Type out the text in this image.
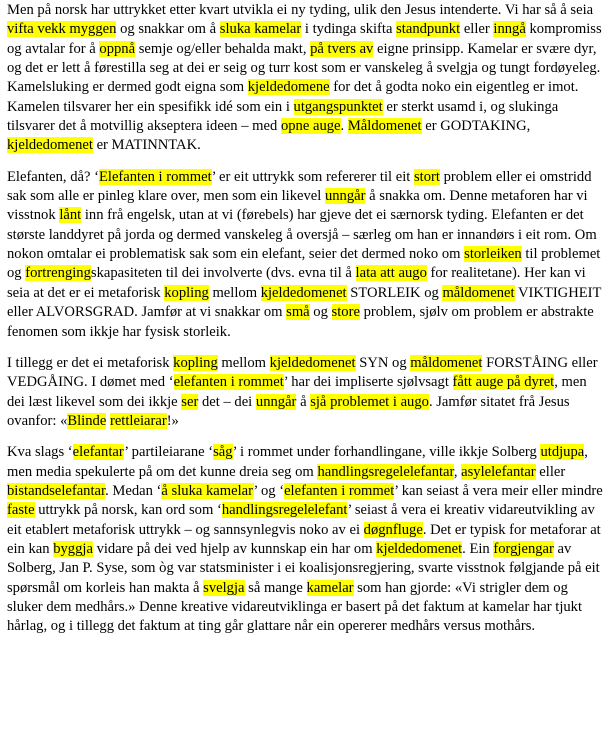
Men på norsk har uttrykket etter kvart utvikla ei ny tyding, ulik den Jesus intenderte. Vi har så å seia vifta vekk myggen og snakkar om å sluka kamelar i tydinga skifta standpunkt eller inngå kompromiss og avtalar for å oppnå semje og/eller behalda makt, på tvers av eigne prinsipp. Kamelar er svære dyr, og det er lett å førestilla seg at dei er seig og turr kost som er vanskeleg å svelgja og tungt fordøyeleg. Kamelsluking er dermed godt eigna som kjeldedomene for det å godta noko ein eigentleg er imot. Kamelen tilsvarer her ein spesifikk idé som ein i utgangspunktet er sterkt usamd i, og slukinga tilsvarer det å motvillig akseptera ideen – med opne auge. Måldomenet er GODTAKING, kjeldedomenet er MATINNTAK.

Elefanten, då? ‘Elefanten i rommet’ er eit uttrykk som refererer til eit stort problem eller ei omstridd sak som alle er pinleg klare over, men som ein likevel unngår å snakka om. Denne metaforen har vi visstnok lånt inn frå engelsk, utan at vi (førebels) har gjeve det ei særnorsk tyding. Elefanten er det største landdyret på jorda og dermed vanskeleg å oversjå – særleg om han er innandørs i eit rom. Om nokon omtalar ei problematisk sak som ein elefant, seier det dermed noko om storleiken til problemet og fortrengingskapasiteten til dei involverte (dvs. evna til å lata att augo for realitetane). Her kan vi seia at det er ei metaforisk kopling mellom kjeldedomenet STORLEIK og måldomenet VIKTIGHEIT eller ALVORSGRAD. Jamfør at vi snakkar om små og store problem, sjølv om problem er abstrakte fenomen som ikkje har fysisk storleik.

I tillegg er det ei metaforisk kopling mellom kjeldedomenet SYN og måldomenet FORSTÅING eller VEDGÅING. I dømet med ‘elefanten i rommet’ har dei impliserte sjølvsagt fått auge på dyret, men dei læst likevel som dei ikkje ser det – dei unngår å sjå problemet i augo. Jamfør sitatet frå Jesus ovanfor: «Blinde rettleiarar!»

Kva slags ‘elefantar’ partileiarane ‘såg’ i rommet under forhandlingane, ville ikkje Solberg utdjupa, men media spekulerte på om det kunne dreia seg om handlingsregelelefantar, asylelefantar eller bistandselefantar. Medan ‘å sluka kamelar’ og ‘elefanten i rommet’ kan seiast å vera meir eller mindre faste uttrykk på norsk, kan ord som ‘handlingsregelelefant’ seiast å vera ei kreativ vidareutvikling av eit etablert metaforisk uttrykk – og sannsynlegvis noko av ei døgnfluge. Det er typisk for metaforar at ein kan byggja vidare på dei ved hjelp av kunnskap ein har om kjeldedomenet. Ein forgjengar av Solberg, Jan P. Syse, som òg var statsminister i ei koalisjonsregjering, svarte visstnok følgjande på eit spørsmål om korleis han makta å svelgja så mange kamelar som han gjorde: «Vi strigler dem og sluker dem medhårs.» Denne kreative vidareutviklinga er basert på det faktum at kamelar har tjukt hårlag, og i tillegg det faktum at ting går glattare når ein opererer medhårs versus mothårs.
